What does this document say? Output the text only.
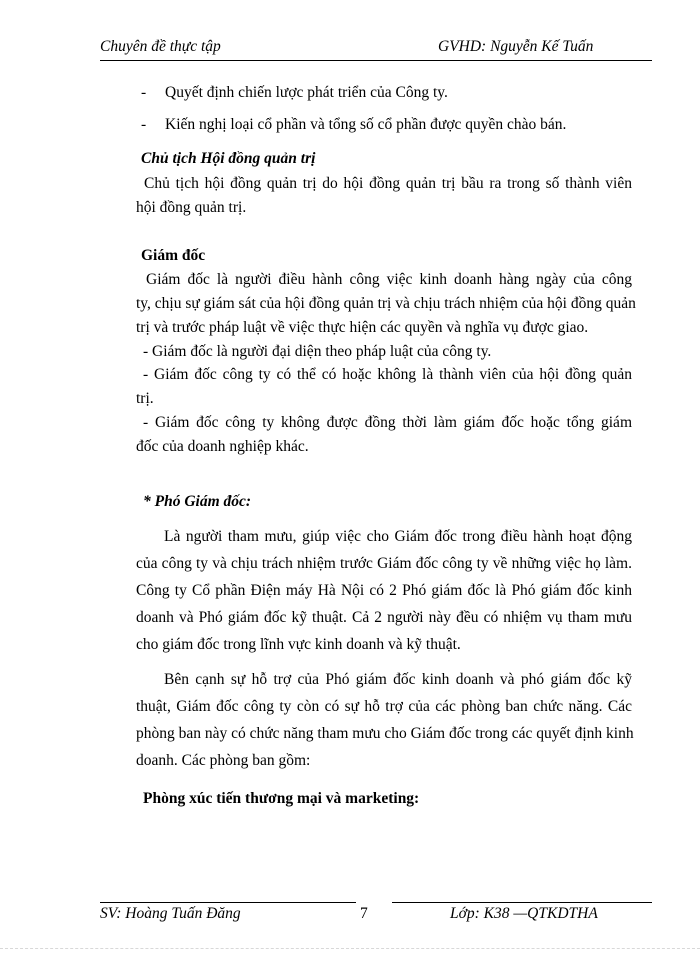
Chuyên đề thực tập	GVHD: Nguyễn Kế Tuấn
- Quyết định chiến lược phát triển của Công ty.
- Kiến nghị loại cổ phần và tổng số cổ phần được quyền chào bán.
Chủ tịch Hội đồng quản trị
Chủ tịch hội đồng quản trị do hội đồng quản trị bầu ra trong số thành viên
hội đồng quản trị.
Giám đốc
Giám đốc là người điều hành công việc kinh doanh hàng ngày của công
ty, chịu sự giám sát của hội đồng quản trị và chịu trách nhiệm của hội đồng quản
trị và trước pháp luật về việc thực hiện các quyền và nghĩa vụ được giao.
- Giám đốc là người đại diện theo pháp luật của công ty.
- Giám đốc công ty có thể có hoặc không là thành viên của hội đồng quản
trị.
- Giám đốc công ty không được đồng thời làm giám đốc hoặc tổng giám
đốc của doanh nghiệp khác.
* Phó Giám đốc:
Là người tham mưu, giúp việc cho Giám đốc trong điều hành hoạt động
của công ty và chịu trách nhiệm trước Giám đốc công ty về những việc họ làm.
Công ty Cổ phần Điện máy Hà Nội có 2 Phó giám đốc là Phó giám đốc kinh
doanh và Phó giám đốc kỹ thuật. Cả 2 người này đều có nhiệm vụ tham mưu
cho giám đốc trong lĩnh vực kinh doanh và kỹ thuật.
Bên cạnh sự hỗ trợ của Phó giám đốc kinh doanh và phó giám đốc kỹ
thuật, Giám đốc công ty còn có sự hỗ trợ của các phòng ban chức năng. Các
phòng ban này có chức năng tham mưu cho Giám đốc trong các quyết định kinh
doanh. Các phòng ban gồm:
Phòng xúc tiến thương mại và marketing:
SV: Hoàng Tuấn Đăng	7	Lớp: K38 —QTKDTHA
